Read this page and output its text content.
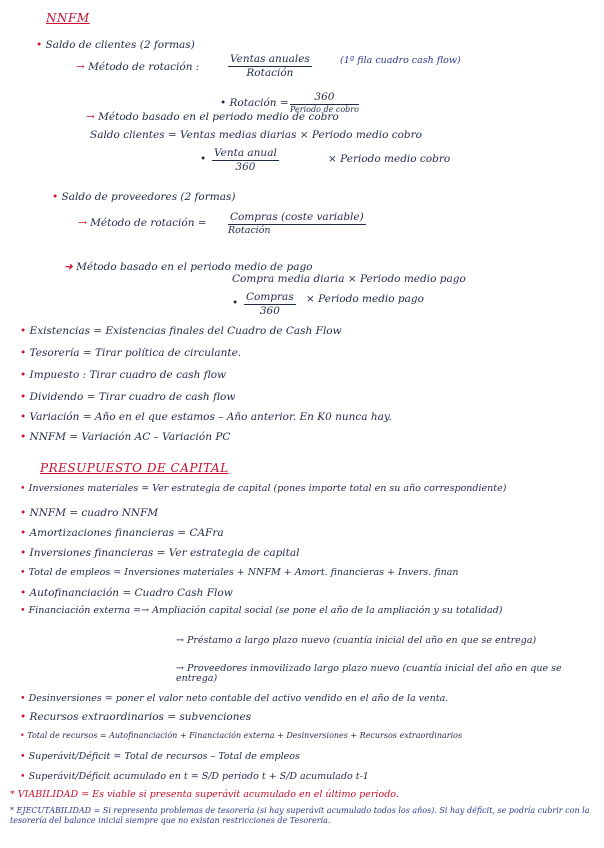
NNFM
• Saldo de clientes (2 formas)
→ Método de rotación :
Ventas anuales
Rotación
(1ª fila cuadro cash flow)
• Rotación =	360
Periodo de cobro
→ Método basado en el periodo medio de cobro
Saldo clientes = Ventas medias diarias × Periodo medio cobro
• Venta anual
360
× Periodo medio cobro
• Saldo de proveedores (2 formas)
→ Método de rotación = Compras (coste variable)
Rotación
➜ Método basado en el periodo medio de pago
Compra media diaria × Periodo medio pago
• Compras
360
× Periodo medio pago
• Existencias = Existencias finales del Cuadro de Cash Flow
• Tesorería = Tirar política de circulante.
• Impuesto : Tirar cuadro de cash flow
• Dividendo = Tirar cuadro de cash flow
• Variación = Año en el que estamos – Año anterior. En K0 nunca hay.
• NNFM = Variación AC – Variación PC
PRESUPUESTO DE CAPITAL
• Inversiones materiales = Ver estrategia de capital (pones importe total en su año correspondiente)
• NNFM = cuadro NNFM
• Amortizaciones financieras = CAFra
• Inversiones financieras = Ver estrategia de capital
• Total de empleos = Inversiones materiales + NNFM + Amort. financieras + Invers. finan
• Autofinanciación = Cuadro Cash Flow
• Financiación externa =→ Ampliación capital social (se pone el año de la ampliación y su totalidad)
→ Préstamo a largo plazo nuevo (cuantía inicial del año en que se entrega)
→ Proveedores inmovilizado largo plazo nuevo (cuantía inicial del año en que se entrega)
• Desinversiones = poner el valor neto contable del activo vendido en el año de la venta.
• Recursos extraordinarios = subvenciones
• Total de recursos = Autofinanciación + Financiación externa + Desinversiones + Recursos extraordinarios
• Superávit/Déficit = Total de recursos – Total de empleos
• Superávit/Déficit acumulado en t = S/D periodo t + S/D acumulado t-1
* VIABILIDAD = Es viable si presenta superávit acumulado en el último periodo.
* EJECUTABILIDAD = Si representa problemas de tesorería (si hay superávit acumulado todos los años). Si hay déficit, se podría cubrir con la tesorería del balance inicial siempre que no existan restricciones de Tesorería.
